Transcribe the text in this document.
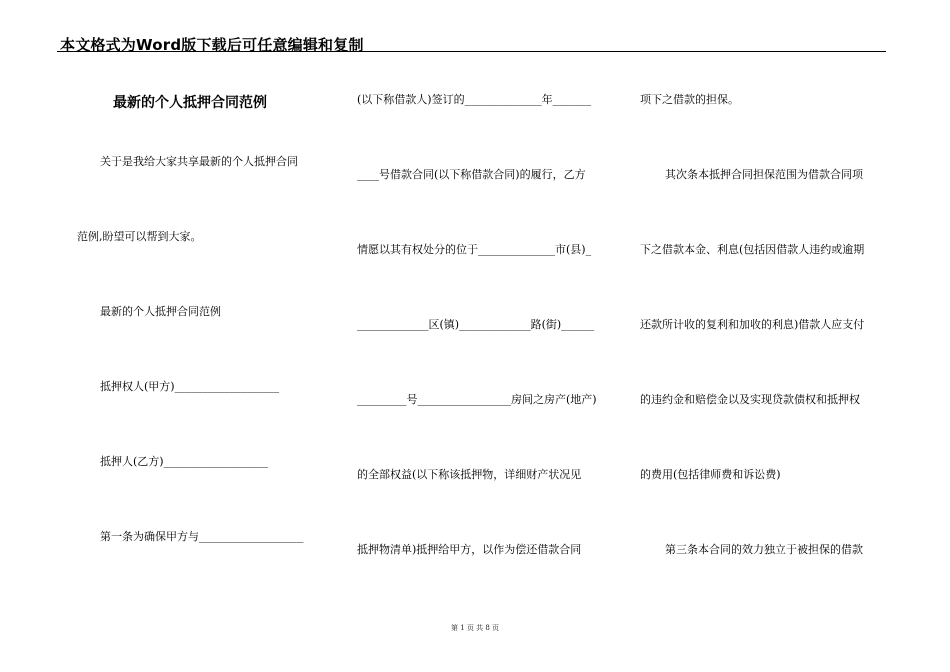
本文格式为Word版下载后可任意编辑和复制
最新的个人抵押合同范例
关于是我给大家共享最新的个人抵押合同
范例,盼望可以帮到大家。
最新的个人抵押合同范例
抵押权人(甲方)___________________
抵押人(乙方)___________________
第一条为确保甲方与___________________
(以下称借款人)签订的______________年_______
____号借款合同(以下称借款合同)的履行，乙方
情愿以其有权处分的位于______________市(县)_
_____________区(镇)_____________路(街)______
_________号_________________房间之房产(地产)
的全部权益(以下称该抵押物，详细财产状况见
抵押物清单)抵押给甲方，以作为偿还借款合同
项下之借款的担保。
其次条本抵押合同担保范围为借款合同项
下之借款本金、利息(包括因借款人违约或逾期
还款所计收的复利和加收的利息)借款人应支付
的违约金和赔偿金以及实现贷款债权和抵押权
的费用(包括律师费和诉讼费)
第三条本合同的效力独立于被担保的借款
第 1 页 共 8 页
